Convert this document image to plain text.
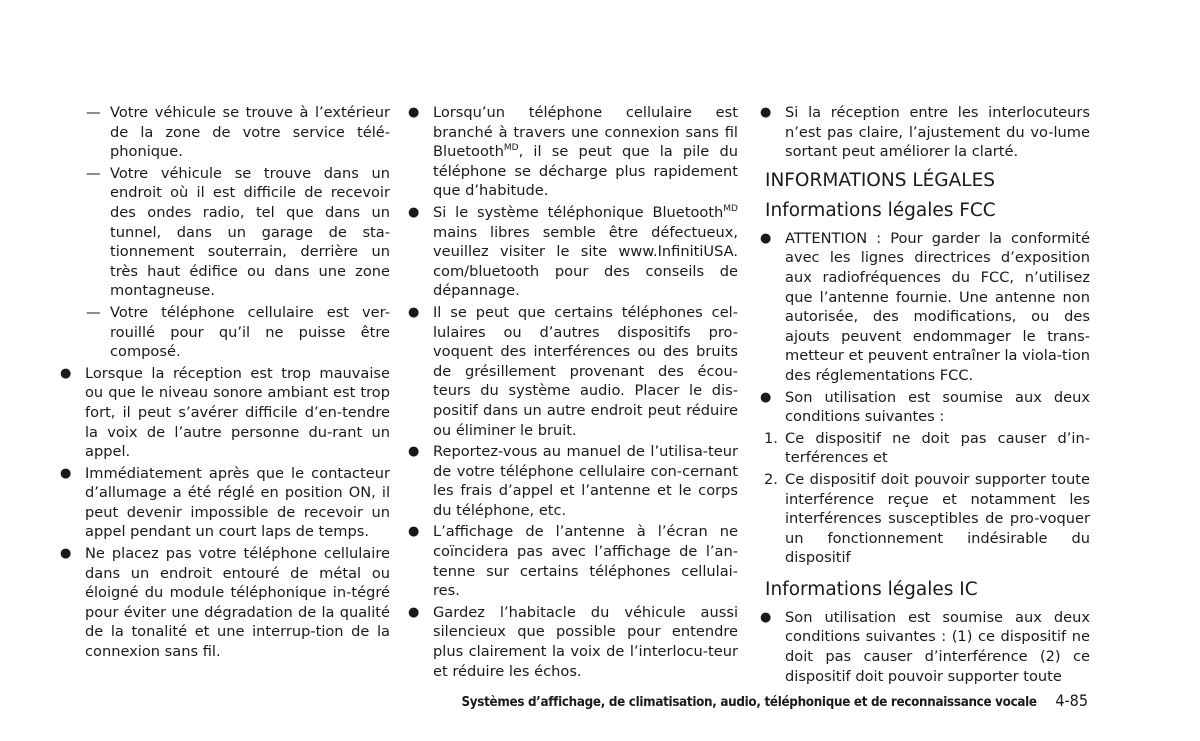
— Votre véhicule se trouve à l’extérieur de la zone de votre service télé-phonique.

— Votre véhicule se trouve dans un endroit où il est difficile de recevoir des ondes radio, tel que dans un tunnel, dans un garage de sta-tionnement souterrain, derrière un très haut édifice ou dans une zone montagneuse.

— Votre téléphone cellulaire est ver-rouillé pour qu’il ne puisse être composé.

● Lorsque la réception est trop mauvaise ou que le niveau sonore ambiant est trop fort, il peut s’avérer difficile d’en-tendre la voix de l’autre personne du-rant un appel.

● Immédiatement après que le contacteur d’allumage a été réglé en position ON, il peut devenir impossible de recevoir un appel pendant un court laps de temps.

● Ne placez pas votre téléphone cellulaire dans un endroit entouré de métal ou éloigné du module téléphonique in-tégré pour éviter une dégradation de la qualité de la tonalité et une interrup-tion de la connexion sans fil.

● Lorsqu’un téléphone cellulaire est branché à travers une connexion sans fil Bluetooth$^{MD}$, il se peut que la pile du téléphone se décharge plus rapidement que d’habitude.

● Si le système téléphonique Bluetooth$^{MD}$ mains libres semble être défectueux, veuillez visiter le site www.InfinitiUSA. com/bluetooth pour des conseils de dépannage.

● Il se peut que certains téléphones cel-lulaires ou d’autres dispositifs pro-voquent des interférences ou des bruits de grésillement provenant des écou-teurs du système audio. Placer le dis-positif dans un autre endroit peut réduire ou éliminer le bruit.

● Reportez-vous au manuel de l’utilisa-teur de votre téléphone cellulaire con-cernant les frais d’appel et l’antenne et le corps du téléphone, etc.

● L’affichage de l’antenne à l’écran ne coïncidera pas avec l’affichage de l’an-tenne sur certains téléphones cellulai-res.

● Gardez l’habitacle du véhicule aussi silencieux que possible pour entendre plus clairement la voix de l’interlocu-teur et réduire les échos.

● Si la réception entre les interlocuteurs n’est pas claire, l’ajustement du vo-lume sortant peut améliorer la clarté.

INFORMATIONS LÉGALES
Informations légales FCC

● ATTENTION : Pour garder la conformité avec les lignes directrices d’exposition aux radiofréquences du FCC, n’utilisez que l’antenne fournie. Une antenne non autorisée, des modifications, ou des ajouts peuvent endommager le trans-metteur et peuvent entraîner la viola-tion des réglementations FCC.

● Son utilisation est soumise aux deux conditions suivantes :

1. Ce dispositif ne doit pas causer d’in-terférences et

2. Ce dispositif doit pouvoir supporter toute interférence reçue et notamment les interférences susceptibles de pro-voquer un fonctionnement indésirable du dispositif

Informations légales IC

● Son utilisation est soumise aux deux conditions suivantes : (1) ce dispositif ne doit pas causer d’interférence (2) ce dispositif doit pouvoir supporter toute

Systèmes d’affichage, de climatisation, audio, téléphonique et de reconnaissance vocale 4-85
